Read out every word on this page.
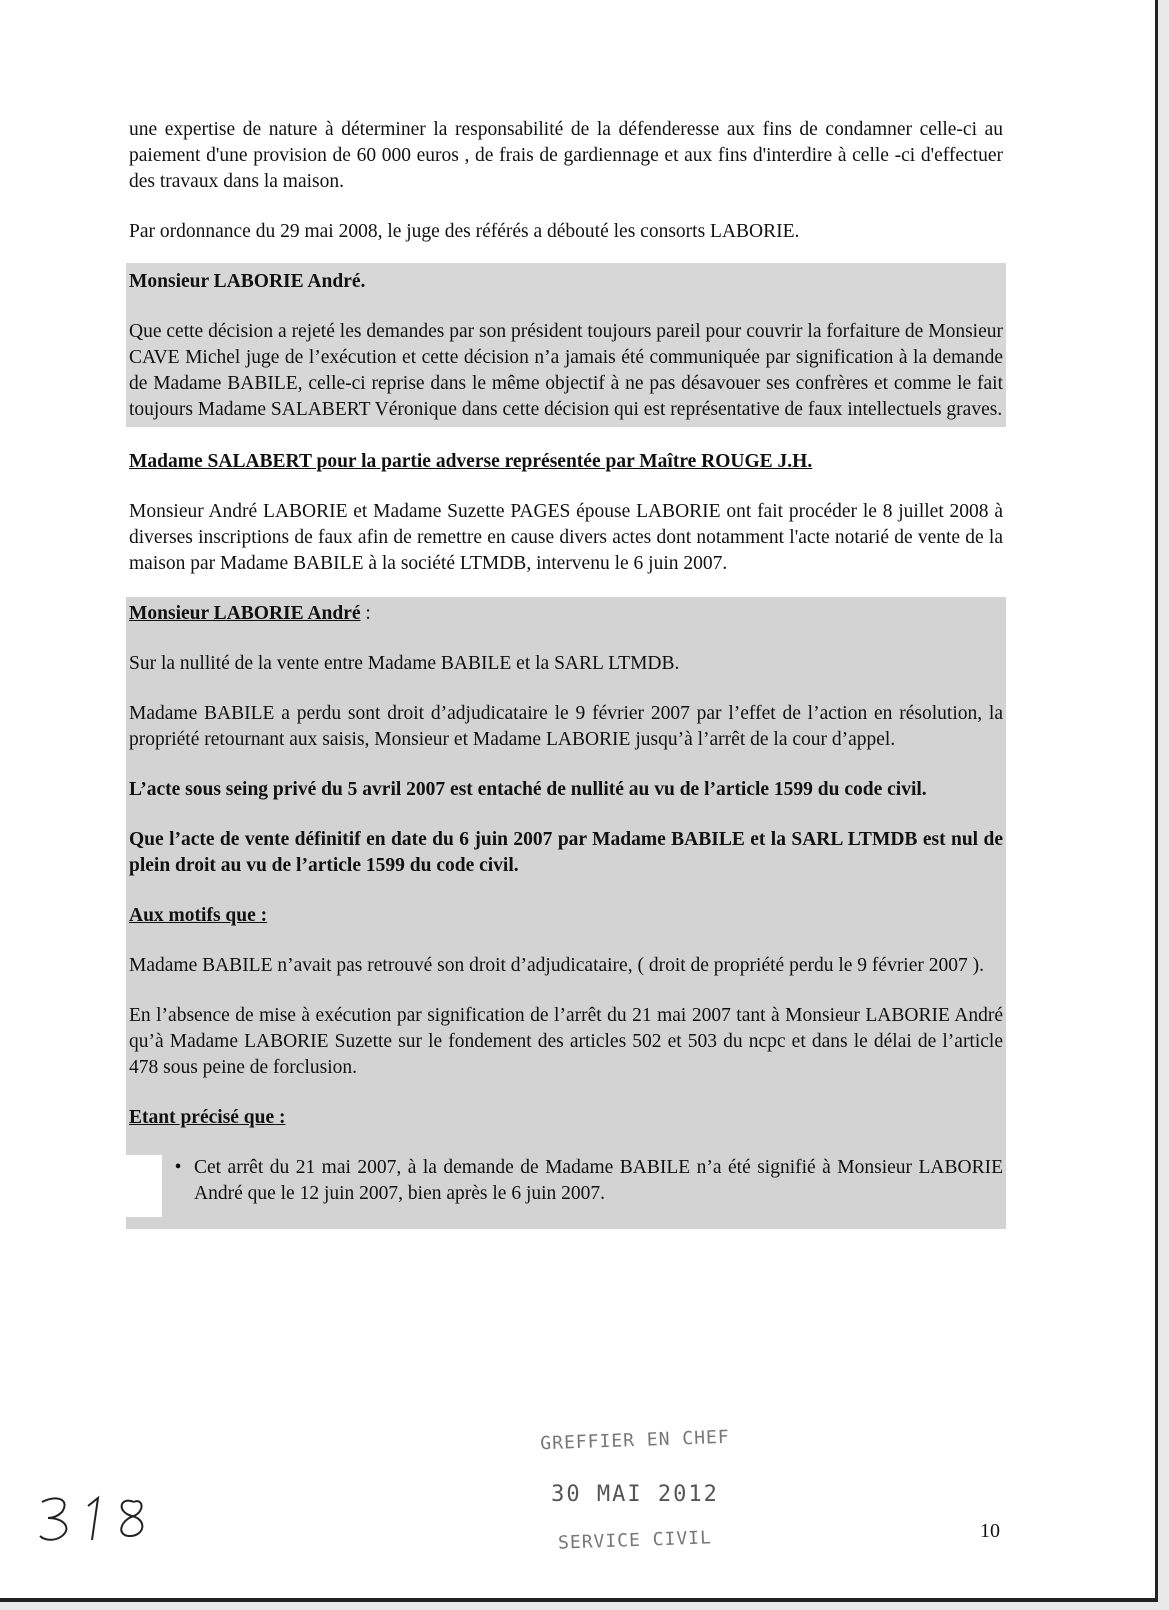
une expertise de nature à déterminer la responsabilité de la défenderesse aux fins de condamner celle-ci au paiement d'une provision de 60 000 euros , de frais de gardiennage et aux fins d'interdire à celle -ci d'effectuer des travaux dans la maison.

Par ordonnance du 29 mai 2008, le juge des référés a débouté les consorts LABORIE.

Monsieur LABORIE André.

Que cette décision a rejeté les demandes par son président toujours pareil pour couvrir la forfaiture de Monsieur CAVE Michel juge de l’exécution et cette décision n’a jamais été communiquée par signification à la demande de Madame BABILE, celle-ci reprise dans le même objectif à ne pas désavouer ses confrères et comme le fait toujours Madame SALABERT Véronique dans cette décision qui est représentative de faux intellectuels graves.

Madame SALABERT pour la partie adverse représentée par Maître ROUGE J.H.

Monsieur André LABORIE et Madame Suzette PAGES épouse LABORIE ont fait procéder le 8 juillet 2008 à diverses inscriptions de faux afin de remettre en cause divers actes dont notamment l'acte notarié de vente de la maison par Madame BABILE à la société LTMDB, intervenu le 6 juin 2007.

Monsieur LABORIE André :

Sur la nullité de la vente entre Madame BABILE et la SARL LTMDB.

Madame BABILE a perdu sont droit d’adjudicataire le 9 février 2007 par l’effet de l’action en résolution, la propriété retournant aux saisis, Monsieur et Madame LABORIE jusqu’à l’arrêt de la cour d’appel.

L’acte sous seing privé du 5 avril 2007 est entaché de nullité au vu de l’article 1599 du code civil.

Que l’acte de vente définitif en date du 6 juin 2007 par Madame BABILE et la SARL LTMDB est nul de plein droit au vu de l’article 1599 du code civil.

Aux motifs que :

Madame BABILE n’avait pas retrouvé son droit d’adjudicataire, ( droit de propriété perdu le 9 février 2007 ).

En l’absence de mise à exécution par signification de l’arrêt du 21 mai 2007 tant à Monsieur LABORIE André qu’à Madame LABORIE Suzette sur le fondement des articles 502 et 503 du ncpc et dans le délai de l’article 478 sous peine de forclusion.

Etant précisé que :

• Cet arrêt du 21 mai 2007, à la demande de Madame BABILE n’a été signifié à Monsieur LABORIE André que le 12 juin 2007, bien après le 6 juin 2007.
GREFFIER EN CHEF
30 MAI 2012
SERVICE CIVIL	10
